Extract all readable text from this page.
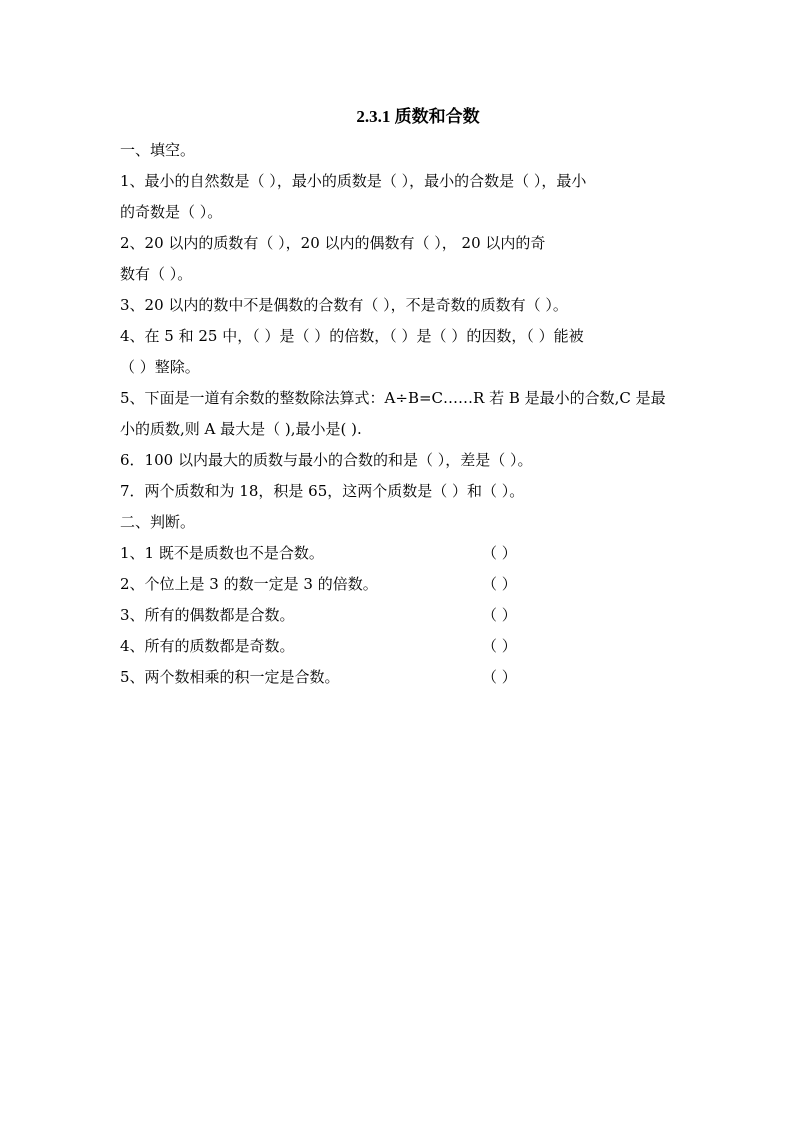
2.3.1 质数和合数
一、填空。
1、最小的自然数是（ ），最小的质数是（ ），最小的合数是（ ），最小
的奇数是（ ）。
2、20 以内的质数有（ ），20 以内的偶数有（ ）， 20 以内的奇
数有（ ）。
3、20 以内的数中不是偶数的合数有（ ），不是奇数的质数有（ ）。
4、在 5 和 25 中，（ ）是（ ）的倍数，（ ）是（ ）的因数，（ ）能被
（ ）整除。
5、下面是一道有余数的整数除法算式：A÷B=C……R 若 B 是最小的合数,C 是最
小的质数,则 A 最大是（ ),最小是( ).
6．100 以内最大的质数与最小的合数的和是（ ），差是（ ）。
7．两个质数和为 18，积是 65，这两个质数是（ ）和（ ）。
二、判断。
1、1 既不是质数也不是合数。	（ ）
2、个位上是 3 的数一定是 3 的倍数。	（ ）
3、所有的偶数都是合数。	（ ）
4、所有的质数都是奇数。	（ ）
5、两个数相乘的积一定是合数。	（ ）
